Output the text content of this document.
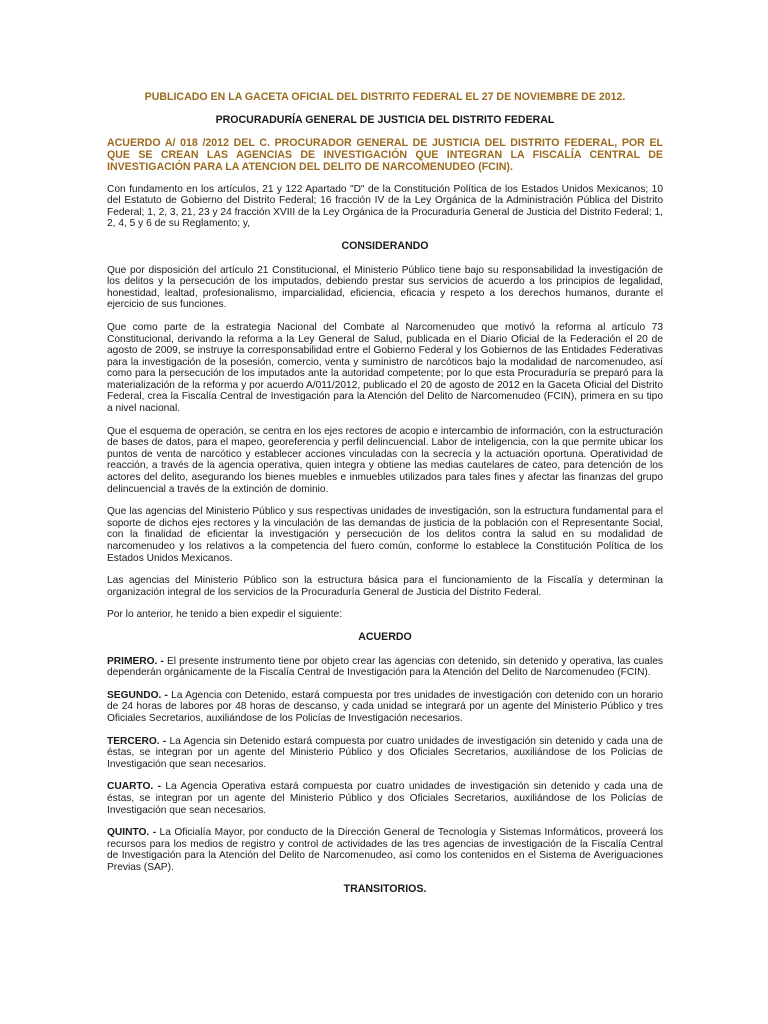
PUBLICADO EN LA GACETA OFICIAL DEL DISTRITO FEDERAL EL 27 DE NOVIEMBRE DE 2012.
PROCURADURÍA GENERAL DE JUSTICIA DEL DISTRITO FEDERAL
ACUERDO A/ 018 /2012 DEL C. PROCURADOR GENERAL DE JUSTICIA DEL DISTRITO FEDERAL, POR EL QUE SE CREAN LAS AGENCIAS DE INVESTIGACIÓN QUE INTEGRAN LA FISCALÍA CENTRAL DE INVESTIGACIÓN PARA LA ATENCION DEL DELITO DE NARCOMENUDEO (FCIN).

Con fundamento en los artículos, 21 y 122 Apartado "D" de la Constitución Política de los Estados Unidos Mexicanos; 10 del Estatuto de Gobierno del Distrito Federal; 16 fracción IV de la Ley Orgánica de la Administración Pública del Distrito Federal; 1, 2, 3, 21, 23 y 24 fracción XVIII de la Ley Orgánica de la Procuraduría General de Justicia del Distrito Federal; 1, 2, 4, 5 y 6 de su Reglamento; y,

CONSIDERANDO

Que por disposición del artículo 21 Constitucional, el Ministerio Público tiene bajo su responsabilidad la investigación de los delitos y la persecución de los imputados, debiendo prestar sus servicios de acuerdo a los principios de legalidad, honestidad, lealtad, profesionalismo, imparcialidad, eficiencia, eficacia y respeto a los derechos humanos, durante el ejercicio de sus funciones.

Que como parte de la estrategia Nacional del Combate al Narcomenudeo que motivó la reforma al artículo 73 Constitucional, derivando la reforma a la Ley General de Salud, publicada en el Diario Oficial de la Federación el 20 de agosto de 2009, se instruye la corresponsabilidad entre el Gobierno Federal y los Gobiernos de las Entidades Federativas para la investigación de la posesión, comercio, venta y suministro de narcóticos bajo la modalidad de narcomenudeo, así como para la persecución de los imputados ante la autoridad competente; por lo que esta Procuraduría se preparó para la materialización de la reforma y por acuerdo A/011/2012, publicado el 20 de agosto de 2012 en la Gaceta Oficial del Distrito Federal, crea la Fiscalía Central de Investigación para la Atención del Delito de Narcomenudeo (FCIN), primera en su tipo a nivel nacional.

Que el esquema de operación, se centra en los ejes rectores de acopio e intercambio de información, con la estructuración de bases de datos, para el mapeo, georeferencia y perfil delincuencial. Labor de inteligencia, con la que permite ubicar los puntos de venta de narcótico y establecer acciones vinculadas con la secrecía y la actuación oportuna. Operatividad de reacción, a través de la agencia operativa, quien integra y obtiene las medias cautelares de cateo, para detención de los actores del delito, asegurando los bienes muebles e inmuebles utilizados para tales fines y afectar las finanzas del grupo delincuencial a través de la extinción de dominio.

Que las agencias del Ministerio Público y sus respectivas unidades de investigación, son la estructura fundamental para el soporte de dichos ejes rectores y la vinculación de las demandas de justicia de la población con el Representante Social, con la finalidad de eficientar la investigación y persecución de los delitos contra la salud en su modalidad de narcomenudeo y los relativos a la competencia del fuero común, conforme lo establece la Constitución Política de los Estados Unidos Mexicanos.

Las agencias del Ministerio Público son la estructura básica para el funcionamiento de la Fiscalía y determinan la organización integral de los servicios de la Procuraduría General de Justicia del Distrito Federal.

Por lo anterior, he tenido a bien expedir el siguiente:

ACUERDO

PRIMERO. - El presente instrumento tiene por objeto crear las agencias con detenido, sin detenido y operativa, las cuales dependerán orgánicamente de la Fiscalía Central de Investigación para la Atención del Delito de Narcomenudeo (FCIN).

SEGUNDO. - La Agencia con Detenido, estará compuesta por tres unidades de investigación con detenido con un horario de 24 horas de labores por 48 horas de descanso, y cada unidad se integrará por un agente del Ministerio Público y tres Oficiales Secretarios, auxiliándose de los Policías de Investigación necesarios.

TERCERO. - La Agencia sin Detenido estará compuesta por cuatro unidades de investigación sin detenido y cada una de éstas, se integran por un agente del Ministerio Público y dos Oficiales Secretarios, auxiliándose de los Policías de Investigación que sean necesarios.

CUARTO. - La Agencia Operativa estará compuesta por cuatro unidades de investigación sin detenido y cada una de éstas, se integran por un agente del Ministerio Público y dos Oficiales Secretarios, auxiliándose de los Policías de Investigación que sean necesarios.

QUINTO. - La Oficialía Mayor, por conducto de la Dirección General de Tecnología y Sistemas Informáticos, proveerá los recursos para los medios de registro y control de actividades de las tres agencias de investigación de la Fiscalía Central de Investigación para la Atención del Delito de Narcomenudeo, así como los contenidos en el Sistema de Averiguaciones Previas (SAP).

TRANSITORIOS.
